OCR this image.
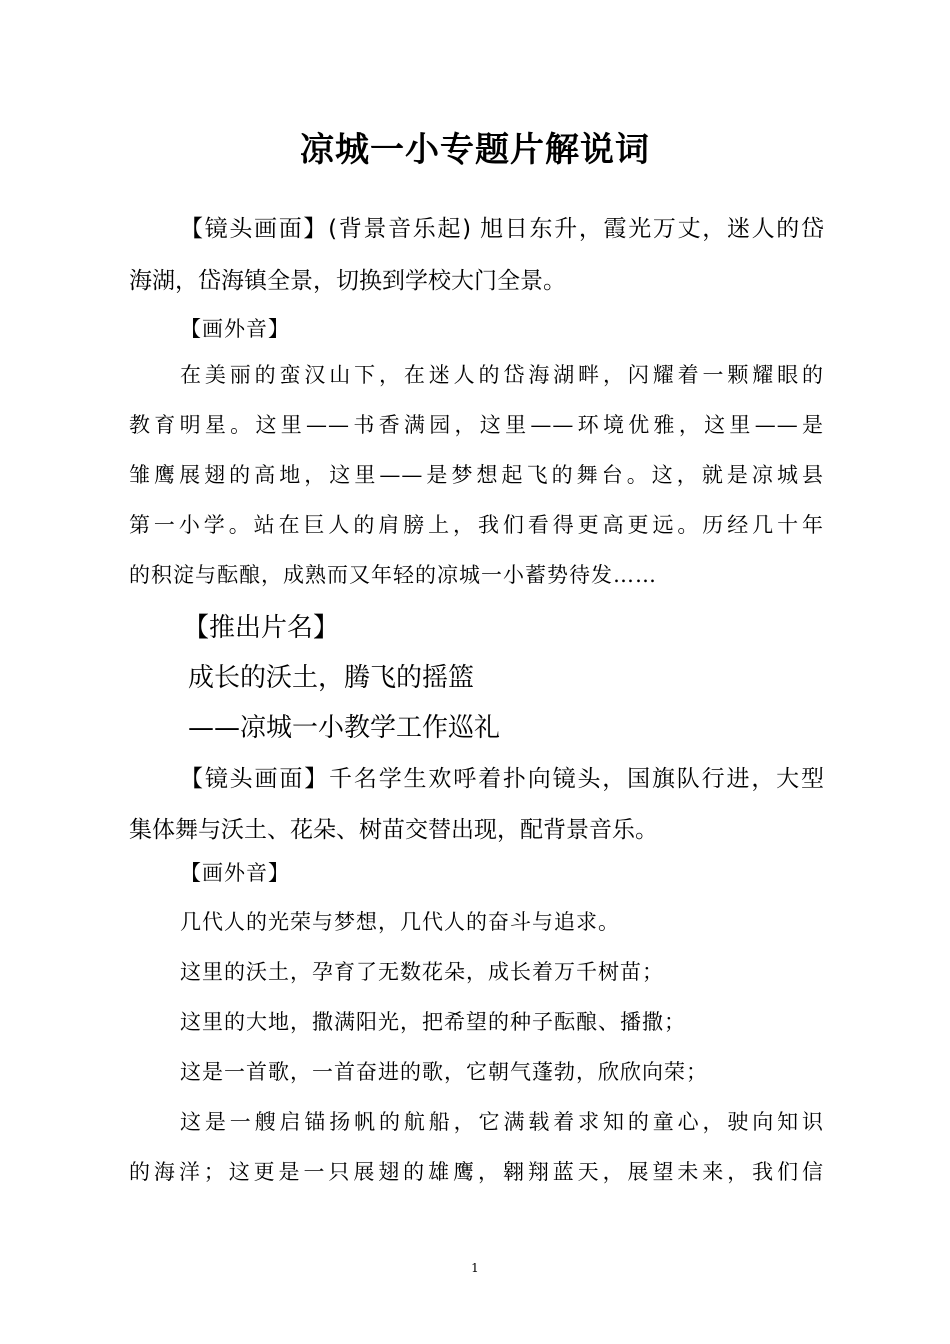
凉城一小专题片解说词
【镜头画面】(背景音乐起) 旭日东升，霞光万丈，迷人的岱
海湖，岱海镇全景，切换到学校大门全景。
【画外音】
在美丽的蛮汉山下，在迷人的岱海湖畔，闪耀着一颗耀眼的
教育明星。这里——书香满园，这里——环境优雅，这里——是
雏鹰展翅的高地，这里——是梦想起飞的舞台。这，就是凉城县
第一小学。站在巨人的肩膀上，我们看得更高更远。历经几十年
的积淀与酝酿，成熟而又年轻的凉城一小蓄势待发……
【推出片名】
成长的沃土，腾飞的摇篮
——凉城一小教学工作巡礼
【镜头画面】千名学生欢呼着扑向镜头，国旗队行进，大型
集体舞与沃土、花朵、树苗交替出现，配背景音乐。
【画外音】
几代人的光荣与梦想，几代人的奋斗与追求。
这里的沃土，孕育了无数花朵，成长着万千树苗；
这里的大地，撒满阳光，把希望的种子酝酿、播撒；
这是一首歌，一首奋进的歌，它朝气蓬勃，欣欣向荣；
这是一艘启锚扬帆的航船，它满载着求知的童心，驶向知识
的海洋；这更是一只展翅的雄鹰，翱翔蓝天，展望未来，我们信
1
